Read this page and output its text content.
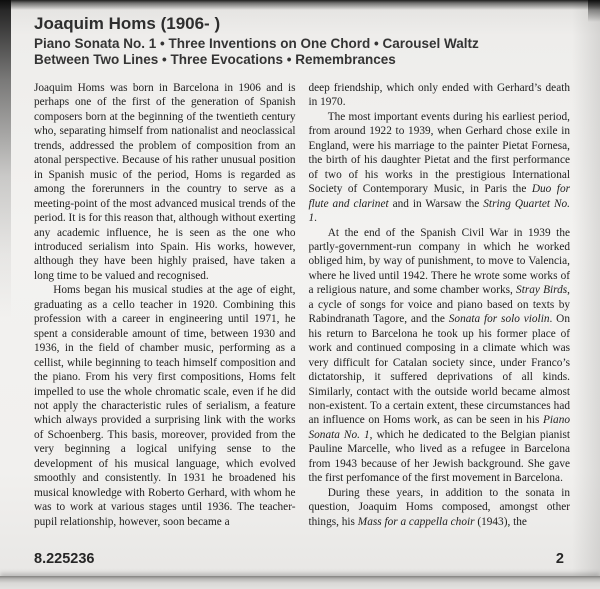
Joaquim Homs (1906- )
Piano Sonata No. 1 • Three Inventions on One Chord • Carousel Waltz
Between Two Lines • Three Evocations • Remembrances

Joaquim Homs was born in Barcelona in 1906 and is perhaps one of the first of the generation of Spanish composers born at the beginning of the twentieth century who, separating himself from nationalist and neoclassical trends, addressed the problem of composition from an atonal perspective. Because of his rather unusual position in Spanish music of the period, Homs is regarded as among the forerunners in the country to serve as a meeting-point of the most advanced musical trends of the period. It is for this reason that, although without exerting any academic influence, he is seen as the one who introduced serialism into Spain. His works, however, although they have been highly praised, have taken a long time to be valued and recognised.

Homs began his musical studies at the age of eight, graduating as a cello teacher in 1920. Combining this profession with a career in engineering until 1971, he spent a considerable amount of time, between 1930 and 1936, in the field of chamber music, performing as a cellist, while beginning to teach himself composition and the piano. From his very first compositions, Homs felt impelled to use the whole chromatic scale, even if he did not apply the characteristic rules of serialism, a feature which always provided a surprising link with the works of Schoenberg. This basis, moreover, provided from the very beginning a logical unifying sense to the development of his musical language, which evolved smoothly and consistently. In 1931 he broadened his musical knowledge with Roberto Gerhard, with whom he was to work at various stages until 1936. The teacher-pupil relationship, however, soon became a

deep friendship, which only ended with Gerhard’s death in 1970.

The most important events during his earliest period, from around 1922 to 1939, when Gerhard chose exile in England, were his marriage to the painter Pietat Fornesa, the birth of his daughter Pietat and the first performance of two of his works in the prestigious International Society of Contemporary Music, in Paris the Duo for flute and clarinet and in Warsaw the String Quartet No. 1.

At the end of the Spanish Civil War in 1939 the partly-government-run company in which he worked obliged him, by way of punishment, to move to Valencia, where he lived until 1942. There he wrote some works of a religious nature, and some chamber works, Stray Birds, a cycle of songs for voice and piano based on texts by Rabindranath Tagore, and the Sonata for solo violin. On his return to Barcelona he took up his former place of work and continued composing in a climate which was very difficult for Catalan society since, under Franco’s dictatorship, it suffered deprivations of all kinds. Similarly, contact with the outside world became almost non-existent. To a certain extent, these circumstances had an influence on Homs work, as can be seen in his Piano Sonata No. 1, which he dedicated to the Belgian pianist Pauline Marcelle, who lived as a refugee in Barcelona from 1943 because of her Jewish background. She gave the first perfomance of the first movement in Barcelona.

During these years, in addition to the sonata in question, Joaquim Homs composed, amongst other things, his Mass for a cappella choir (1943), the

8.225236	2
